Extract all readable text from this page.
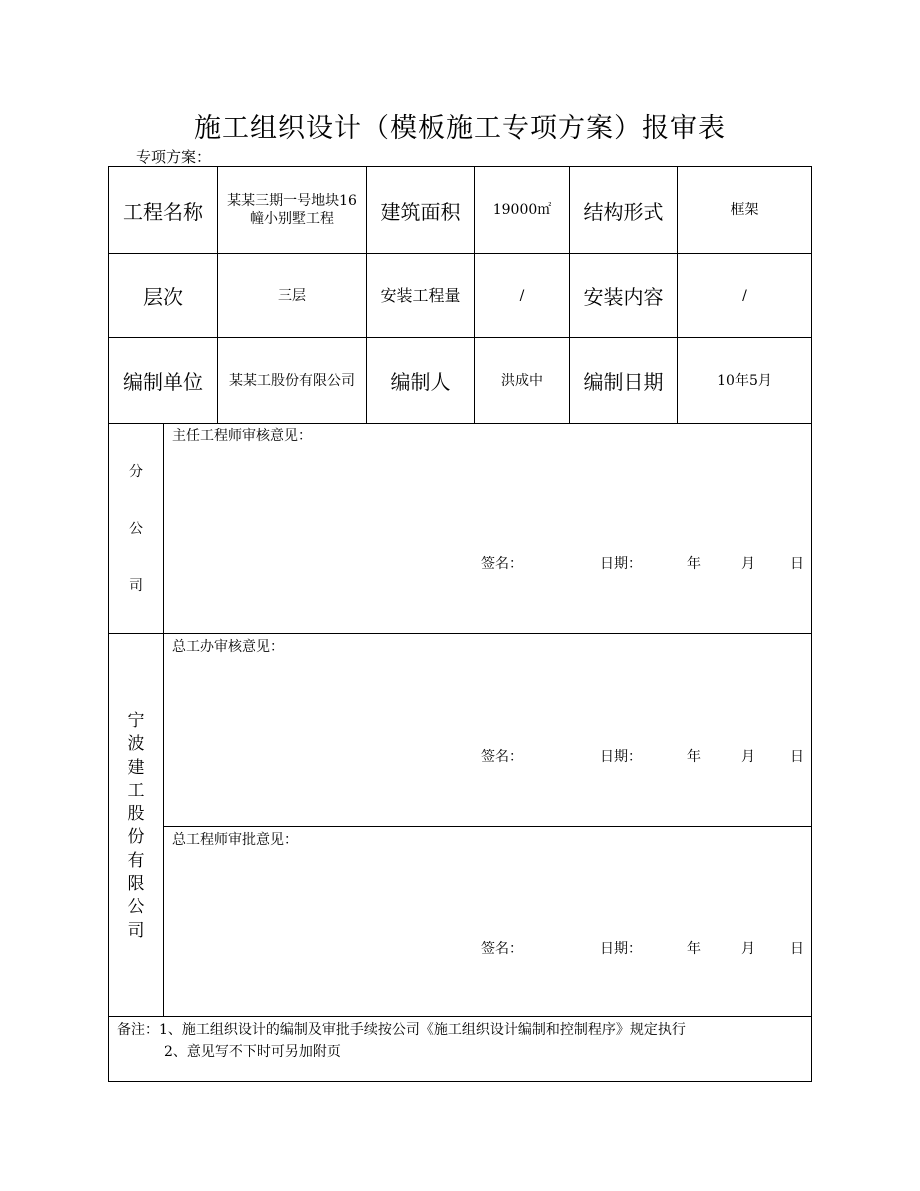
施工组织设计（模板施工专项方案）报审表
专项方案：
工程名称	某某三期一号地块16幢小别墅工程	建筑面积	19000㎡	结构形式	框架
层次	三层	安装工程量	/	安装内容	/
编制单位	某某工股份有限公司	编制人	洪成中	编制日期	10年5月
分
公
司
主任工程师审核意见：
签名：	日期：	年	月	日
宁
波
建
工
股
份
有
限
公
司
总工办审核意见：
签名：	日期：	年	月	日
总工程师审批意见：
签名：	日期：	年	月	日
备注：1、施工组织设计的编制及审批手续按公司《施工组织设计编制和控制程序》规定执行
2、意见写不下时可另加附页
